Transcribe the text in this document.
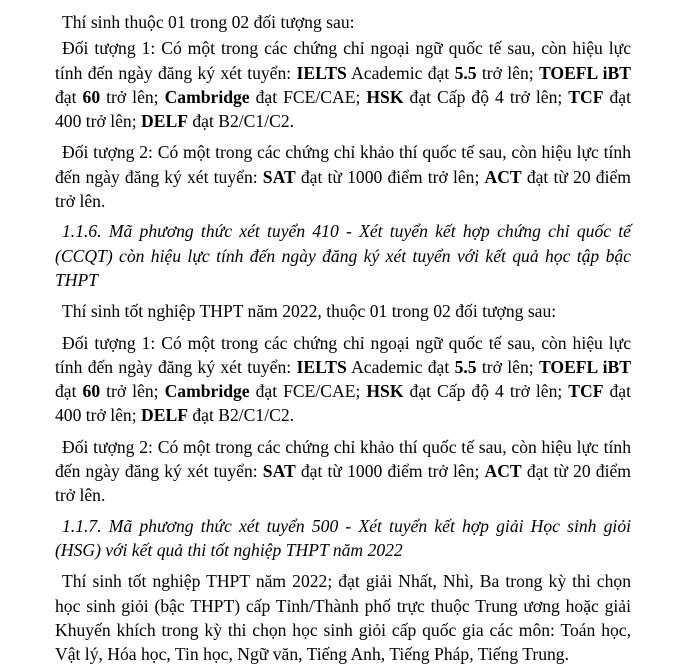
Thí sinh thuộc 01 trong 02 đối tượng sau:

Đối tượng 1: Có một trong các chứng chỉ ngoại ngữ quốc tế sau, còn hiệu lực tính đến ngày đăng ký xét tuyển: IELTS Academic đạt 5.5 trở lên; TOEFL iBT đạt 60 trở lên; Cambridge đạt FCE/CAE; HSK đạt Cấp độ 4 trở lên; TCF đạt 400 trở lên; DELF đạt B2/C1/C2.

Đối tượng 2: Có một trong các chứng chỉ khảo thí quốc tế sau, còn hiệu lực tính đến ngày đăng ký xét tuyển: SAT đạt từ 1000 điểm trở lên; ACT đạt từ 20 điểm trở lên.

1.1.6. Mã phương thức xét tuyển 410 - Xét tuyển kết hợp chứng chỉ quốc tế (CCQT) còn hiệu lực tính đến ngày đăng ký xét tuyển với kết quả học tập bậc THPT

Thí sinh tốt nghiệp THPT năm 2022, thuộc 01 trong 02 đối tượng sau:

Đối tượng 1: Có một trong các chứng chỉ ngoại ngữ quốc tế sau, còn hiệu lực tính đến ngày đăng ký xét tuyển: IELTS Academic đạt 5.5 trở lên; TOEFL iBT đạt 60 trở lên; Cambridge đạt FCE/CAE; HSK đạt Cấp độ 4 trở lên; TCF đạt 400 trở lên; DELF đạt B2/C1/C2.

Đối tượng 2: Có một trong các chứng chỉ khảo thí quốc tế sau, còn hiệu lực tính đến ngày đăng ký xét tuyển: SAT đạt từ 1000 điểm trở lên; ACT đạt từ 20 điểm trở lên.

1.1.7. Mã phương thức xét tuyển 500 - Xét tuyển kết hợp giải Học sinh giỏi (HSG) với kết quả thi tốt nghiệp THPT năm 2022

Thí sinh tốt nghiệp THPT năm 2022; đạt giải Nhất, Nhì, Ba trong kỳ thi chọn học sinh giỏi (bậc THPT) cấp Tỉnh/Thành phố trực thuộc Trung ương hoặc giải Khuyến khích trong kỳ thi chọn học sinh giỏi cấp quốc gia các môn: Toán học, Vật lý, Hóa học, Tin học, Ngữ văn, Tiếng Anh, Tiếng Pháp, Tiếng Trung.
